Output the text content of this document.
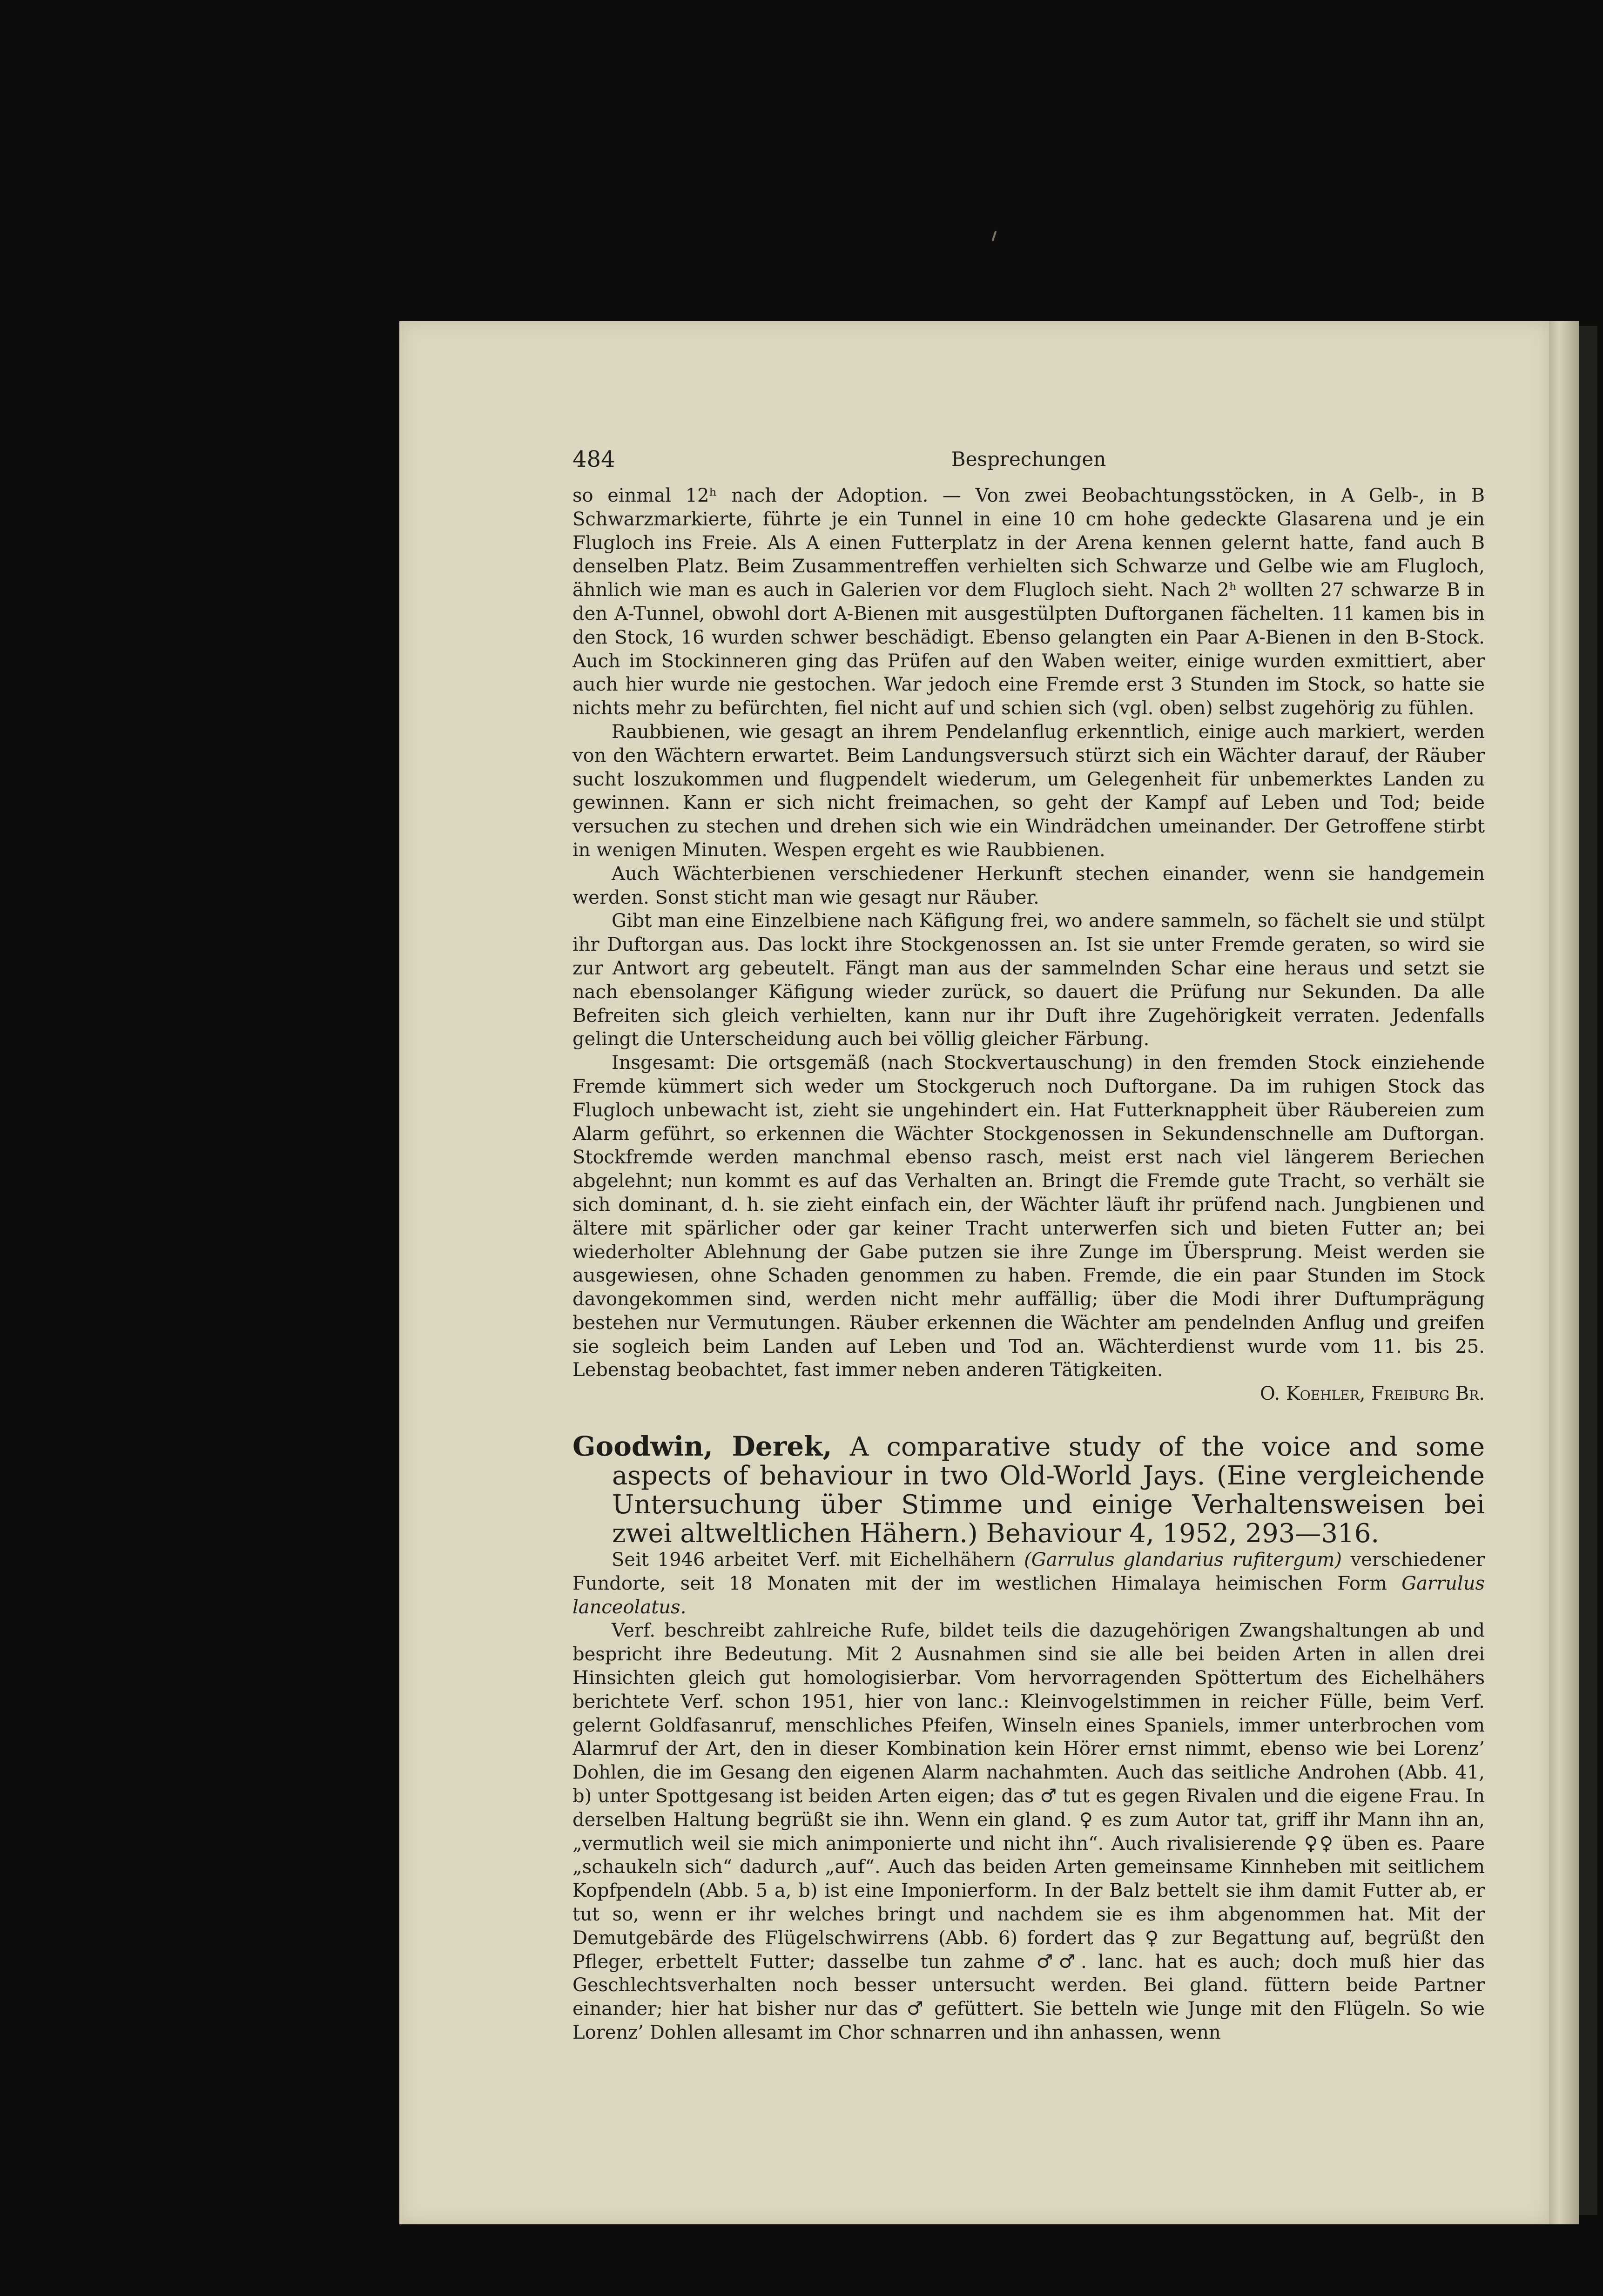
484	Besprechungen

so einmal 12ʰ nach der Adoption. — Von zwei Beobachtungsstöcken, in A Gelb-, in B Schwarzmarkierte, führte je ein Tunnel in eine 10 cm hohe gedeckte Glasarena und je ein Flugloch ins Freie. Als A einen Futterplatz in der Arena kennen gelernt hatte, fand auch B denselben Platz. Beim Zusammentreffen verhielten sich Schwarze und Gelbe wie am Flugloch, ähnlich wie man es auch in Galerien vor dem Flugloch sieht. Nach 2ʰ wollten 27 schwarze B in den A-Tunnel, obwohl dort A-Bienen mit ausgestülpten Duftorganen fächelten. 11 kamen bis in den Stock, 16 wurden schwer beschädigt. Ebenso gelangten ein Paar A-Bienen in den B-Stock. Auch im Stockinneren ging das Prüfen auf den Waben weiter, einige wurden exmittiert, aber auch hier wurde nie gestochen. War jedoch eine Fremde erst 3 Stunden im Stock, so hatte sie nichts mehr zu befürchten, fiel nicht auf und schien sich (vgl. oben) selbst zugehörig zu fühlen.

Raubbienen, wie gesagt an ihrem Pendelanflug erkenntlich, einige auch markiert, werden von den Wächtern erwartet. Beim Landungsversuch stürzt sich ein Wächter darauf, der Räuber sucht loszukommen und flugpendelt wiederum, um Gelegenheit für unbemerktes Landen zu gewinnen. Kann er sich nicht freimachen, so geht der Kampf auf Leben und Tod; beide versuchen zu stechen und drehen sich wie ein Windrädchen umeinander. Der Getroffene stirbt in wenigen Minuten. Wespen ergeht es wie Raubbienen.

Auch Wächterbienen verschiedener Herkunft stechen einander, wenn sie handgemein werden. Sonst sticht man wie gesagt nur Räuber.

Gibt man eine Einzelbiene nach Käfigung frei, wo andere sammeln, so fächelt sie und stülpt ihr Duftorgan aus. Das lockt ihre Stockgenossen an. Ist sie unter Fremde geraten, so wird sie zur Antwort arg gebeutelt. Fängt man aus der sammelnden Schar eine heraus und setzt sie nach ebensolanger Käfigung wieder zurück, so dauert die Prüfung nur Sekunden. Da alle Befreiten sich gleich verhielten, kann nur ihr Duft ihre Zugehörigkeit verraten. Jedenfalls gelingt die Unterscheidung auch bei völlig gleicher Färbung.

Insgesamt: Die ortsgemäß (nach Stockvertauschung) in den fremden Stock einziehende Fremde kümmert sich weder um Stockgeruch noch Duftorgane. Da im ruhigen Stock das Flugloch unbewacht ist, zieht sie ungehindert ein. Hat Futterknappheit über Räubereien zum Alarm geführt, so erkennen die Wächter Stockgenossen in Sekundenschnelle am Duftorgan. Stockfremde werden manchmal ebenso rasch, meist erst nach viel längerem Beriechen abgelehnt; nun kommt es auf das Verhalten an. Bringt die Fremde gute Tracht, so verhält sie sich dominant, d. h. sie zieht einfach ein, der Wächter läuft ihr prüfend nach. Jungbienen und ältere mit spärlicher oder gar keiner Tracht unterwerfen sich und bieten Futter an; bei wiederholter Ablehnung der Gabe putzen sie ihre Zunge im Übersprung. Meist werden sie ausgewiesen, ohne Schaden genommen zu haben. Fremde, die ein paar Stunden im Stock davongekommen sind, werden nicht mehr auffällig; über die Modi ihrer Duftumprägung bestehen nur Vermutungen. Räuber erkennen die Wächter am pendelnden Anflug und greifen sie sogleich beim Landen auf Leben und Tod an. Wächterdienst wurde vom 11. bis 25. Lebenstag beobachtet, fast immer neben anderen Tätigkeiten.

O. Koehler, Freiburg Br.

Goodwin, Derek, A comparative study of the voice and some aspects of behaviour in two Old-World Jays. (Eine vergleichende Untersuchung über Stimme und einige Verhaltensweisen bei zwei altweltlichen Hähern.) Behaviour 4, 1952, 293—316.

Seit 1946 arbeitet Verf. mit Eichelhähern (Garrulus glandarius rufitergum) verschiedener Fundorte, seit 18 Monaten mit der im westlichen Himalaya heimischen Form Garrulus lanceolatus.

Verf. beschreibt zahlreiche Rufe, bildet teils die dazugehörigen Zwangshaltungen ab und bespricht ihre Bedeutung. Mit 2 Ausnahmen sind sie alle bei beiden Arten in allen drei Hinsichten gleich gut homologisierbar. Vom hervorragenden Spöttertum des Eichelhähers berichtete Verf. schon 1951, hier von lanc.: Kleinvogelstimmen in reicher Fülle, beim Verf. gelernt Goldfasanruf, menschliches Pfeifen, Winseln eines Spaniels, immer unterbrochen vom Alarmruf der Art, den in dieser Kombination kein Hörer ernst nimmt, ebenso wie bei Lorenz’ Dohlen, die im Gesang den eigenen Alarm nachahmten. Auch das seitliche Androhen (Abb. 41, b) unter Spottgesang ist beiden Arten eigen; das ♂ tut es gegen Rivalen und die eigene Frau. In derselben Haltung begrüßt sie ihn. Wenn ein gland. ♀ es zum Autor tat, griff ihr Mann ihn an, „vermutlich weil sie mich animponierte und nicht ihn“. Auch rivalisierende ♀♀ üben es. Paare „schaukeln sich“ dadurch „auf“. Auch das beiden Arten gemeinsame Kinnheben mit seitlichem Kopfpendeln (Abb. 5 a, b) ist eine Imponierform. In der Balz bettelt sie ihm damit Futter ab, er tut so, wenn er ihr welches bringt und nachdem sie es ihm abgenommen hat. Mit der Demutgebärde des Flügelschwirrens (Abb. 6) fordert das ♀ zur Begattung auf, begrüßt den Pfleger, erbettelt Futter; dasselbe tun zahme ♂♂. lanc. hat es auch; doch muß hier das Geschlechtsverhalten noch besser untersucht werden. Bei gland. füttern beide Partner einander; hier hat bisher nur das ♂ gefüttert. Sie betteln wie Junge mit den Flügeln. So wie Lorenz’ Dohlen allesamt im Chor schnarren und ihn anhassen, wenn
